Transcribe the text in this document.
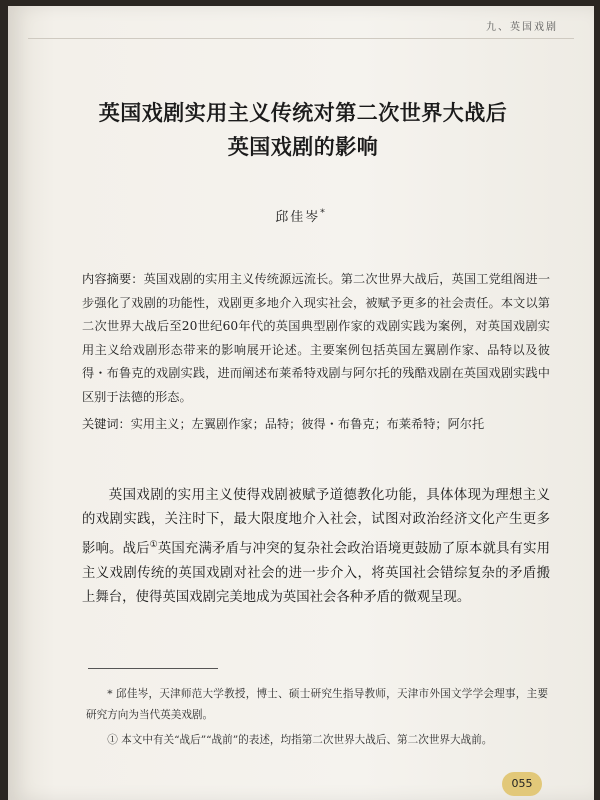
九、英国戏剧
英国戏剧实用主义传统对第二次世界大战后
英国戏剧的影响
邱佳岑*

内容摘要：英国戏剧的实用主义传统源远流长。第二次世界大战后，英国工党组阁进一步强化了戏剧的功能性，戏剧更多地介入现实社会，被赋予更多的社会责任。本文以第二次世界大战后至20世纪60年代的英国典型剧作家的戏剧实践为案例，对英国戏剧实用主义给戏剧形态带来的影响展开论述。主要案例包括英国左翼剧作家、品特以及彼得・布鲁克的戏剧实践，进而阐述布莱希特戏剧与阿尔托的残酷戏剧在英国戏剧实践中区别于法德的形态。

关键词：实用主义；左翼剧作家；品特；彼得・布鲁克；布莱希特；阿尔托

英国戏剧的实用主义使得戏剧被赋予道德教化功能，具体体现为理想主义的戏剧实践，关注时下，最大限度地介入社会，试图对政治经济文化产生更多影响。战后①英国充满矛盾与冲突的复杂社会政治语境更鼓励了原本就具有实用主义戏剧传统的英国戏剧对社会的进一步介入，将英国社会错综复杂的矛盾搬上舞台，使得英国戏剧完美地成为英国社会各种矛盾的微观呈现。

* 邱佳岑，天津师范大学教授，博士、硕士研究生指导教师，天津市外国文学学会理事，主要研究方向为当代英美戏剧。

① 本文中有关“战后”“战前”的表述，均指第二次世界大战后、第二次世界大战前。

055
